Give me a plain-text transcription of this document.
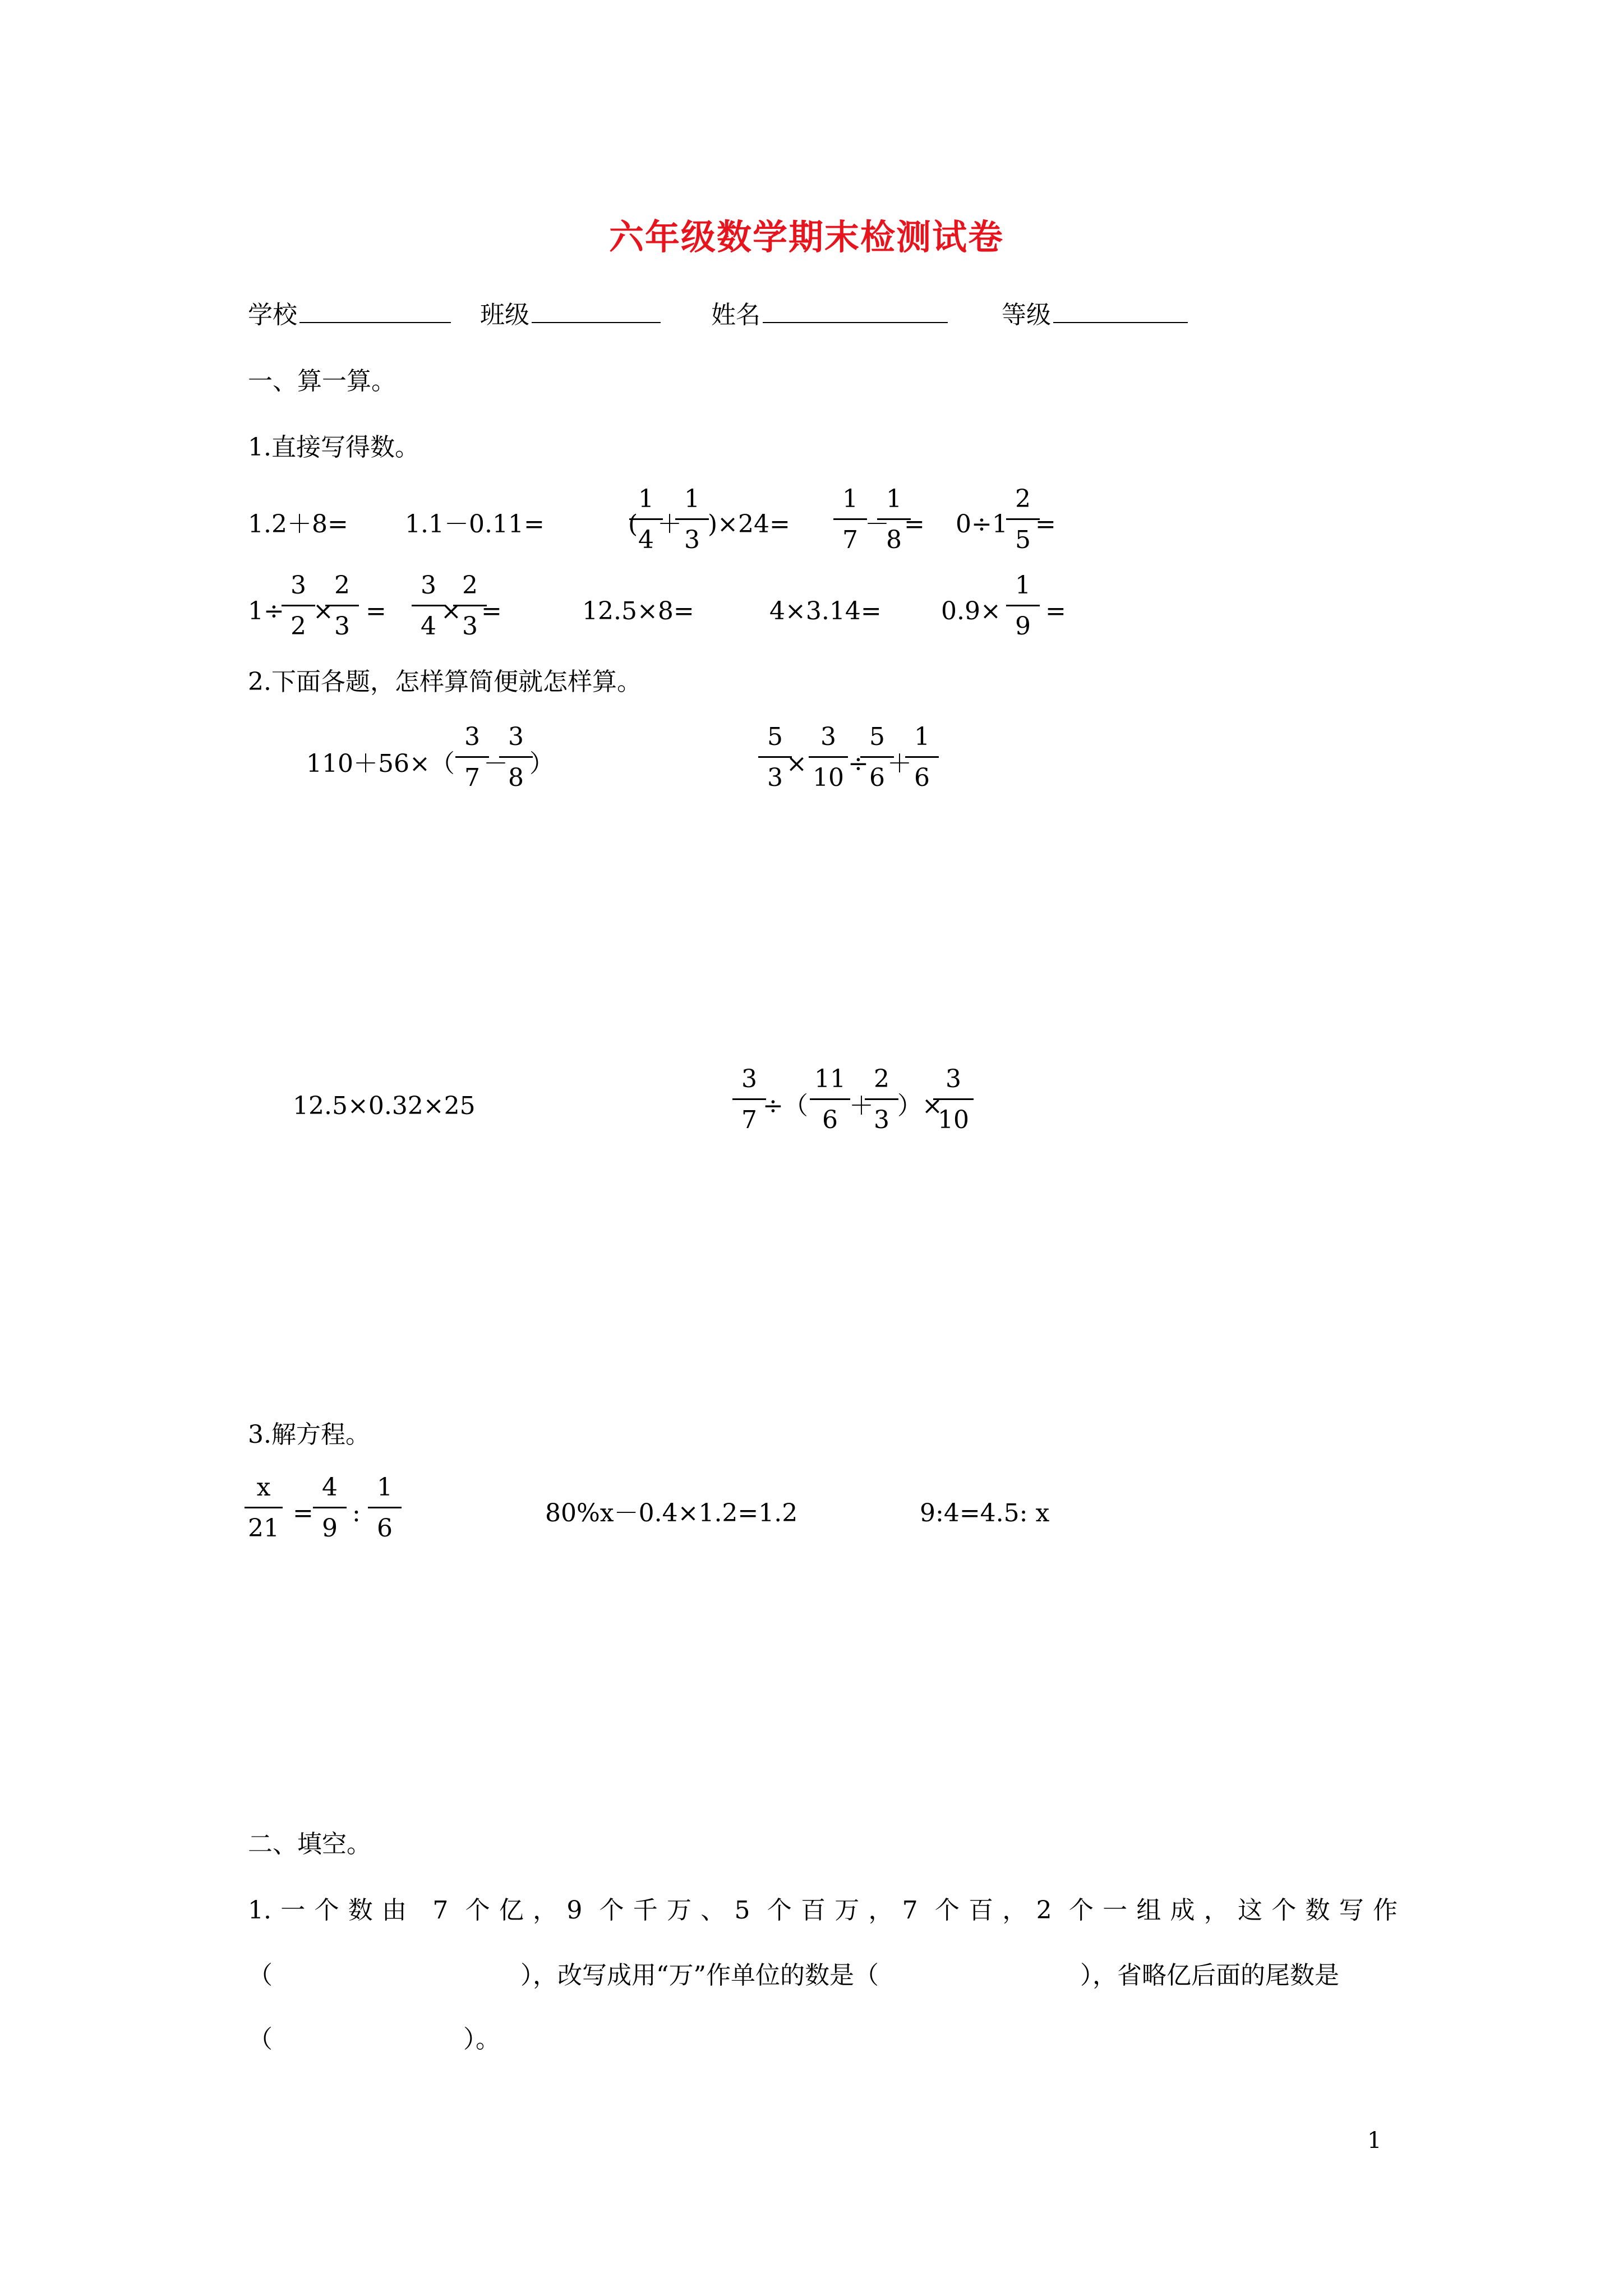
六年级数学期末检测试卷
学校	班级	姓名	等级
一、算一算。
1.直接写得数。
1.2＋8= 1.1－0.11=	(
1
4
＋
1
3
)×24=
1
7
－
1
8
= 0÷1
2
5
=
1÷
3
2
×
2
3
=
3
4
×
2
3
=	12.5×8=	4×3.14= 0.9×
1
9
=
2.下面各题，怎样算简便就怎样算。
110＋56×（
3
7 －
3
8 ）
5
3 ×
3
10 ÷
5
6 ＋
1
6
12.5×0.32×25
3
7 ÷（
11
6 ＋
2
3 ）×
3
10
3.解方程。
x
21
=
4
9
:
1
6
80%x－0.4×1.2=1.2	9:4=4.5: x
二、填空。
1.一个数由 7 个亿，9 个千万、5 个百万，7 个百，2 个一组成，这个数写作
（	），改写成用“万”作单位的数是（	），省略亿后面的尾数是
（	）。
1
